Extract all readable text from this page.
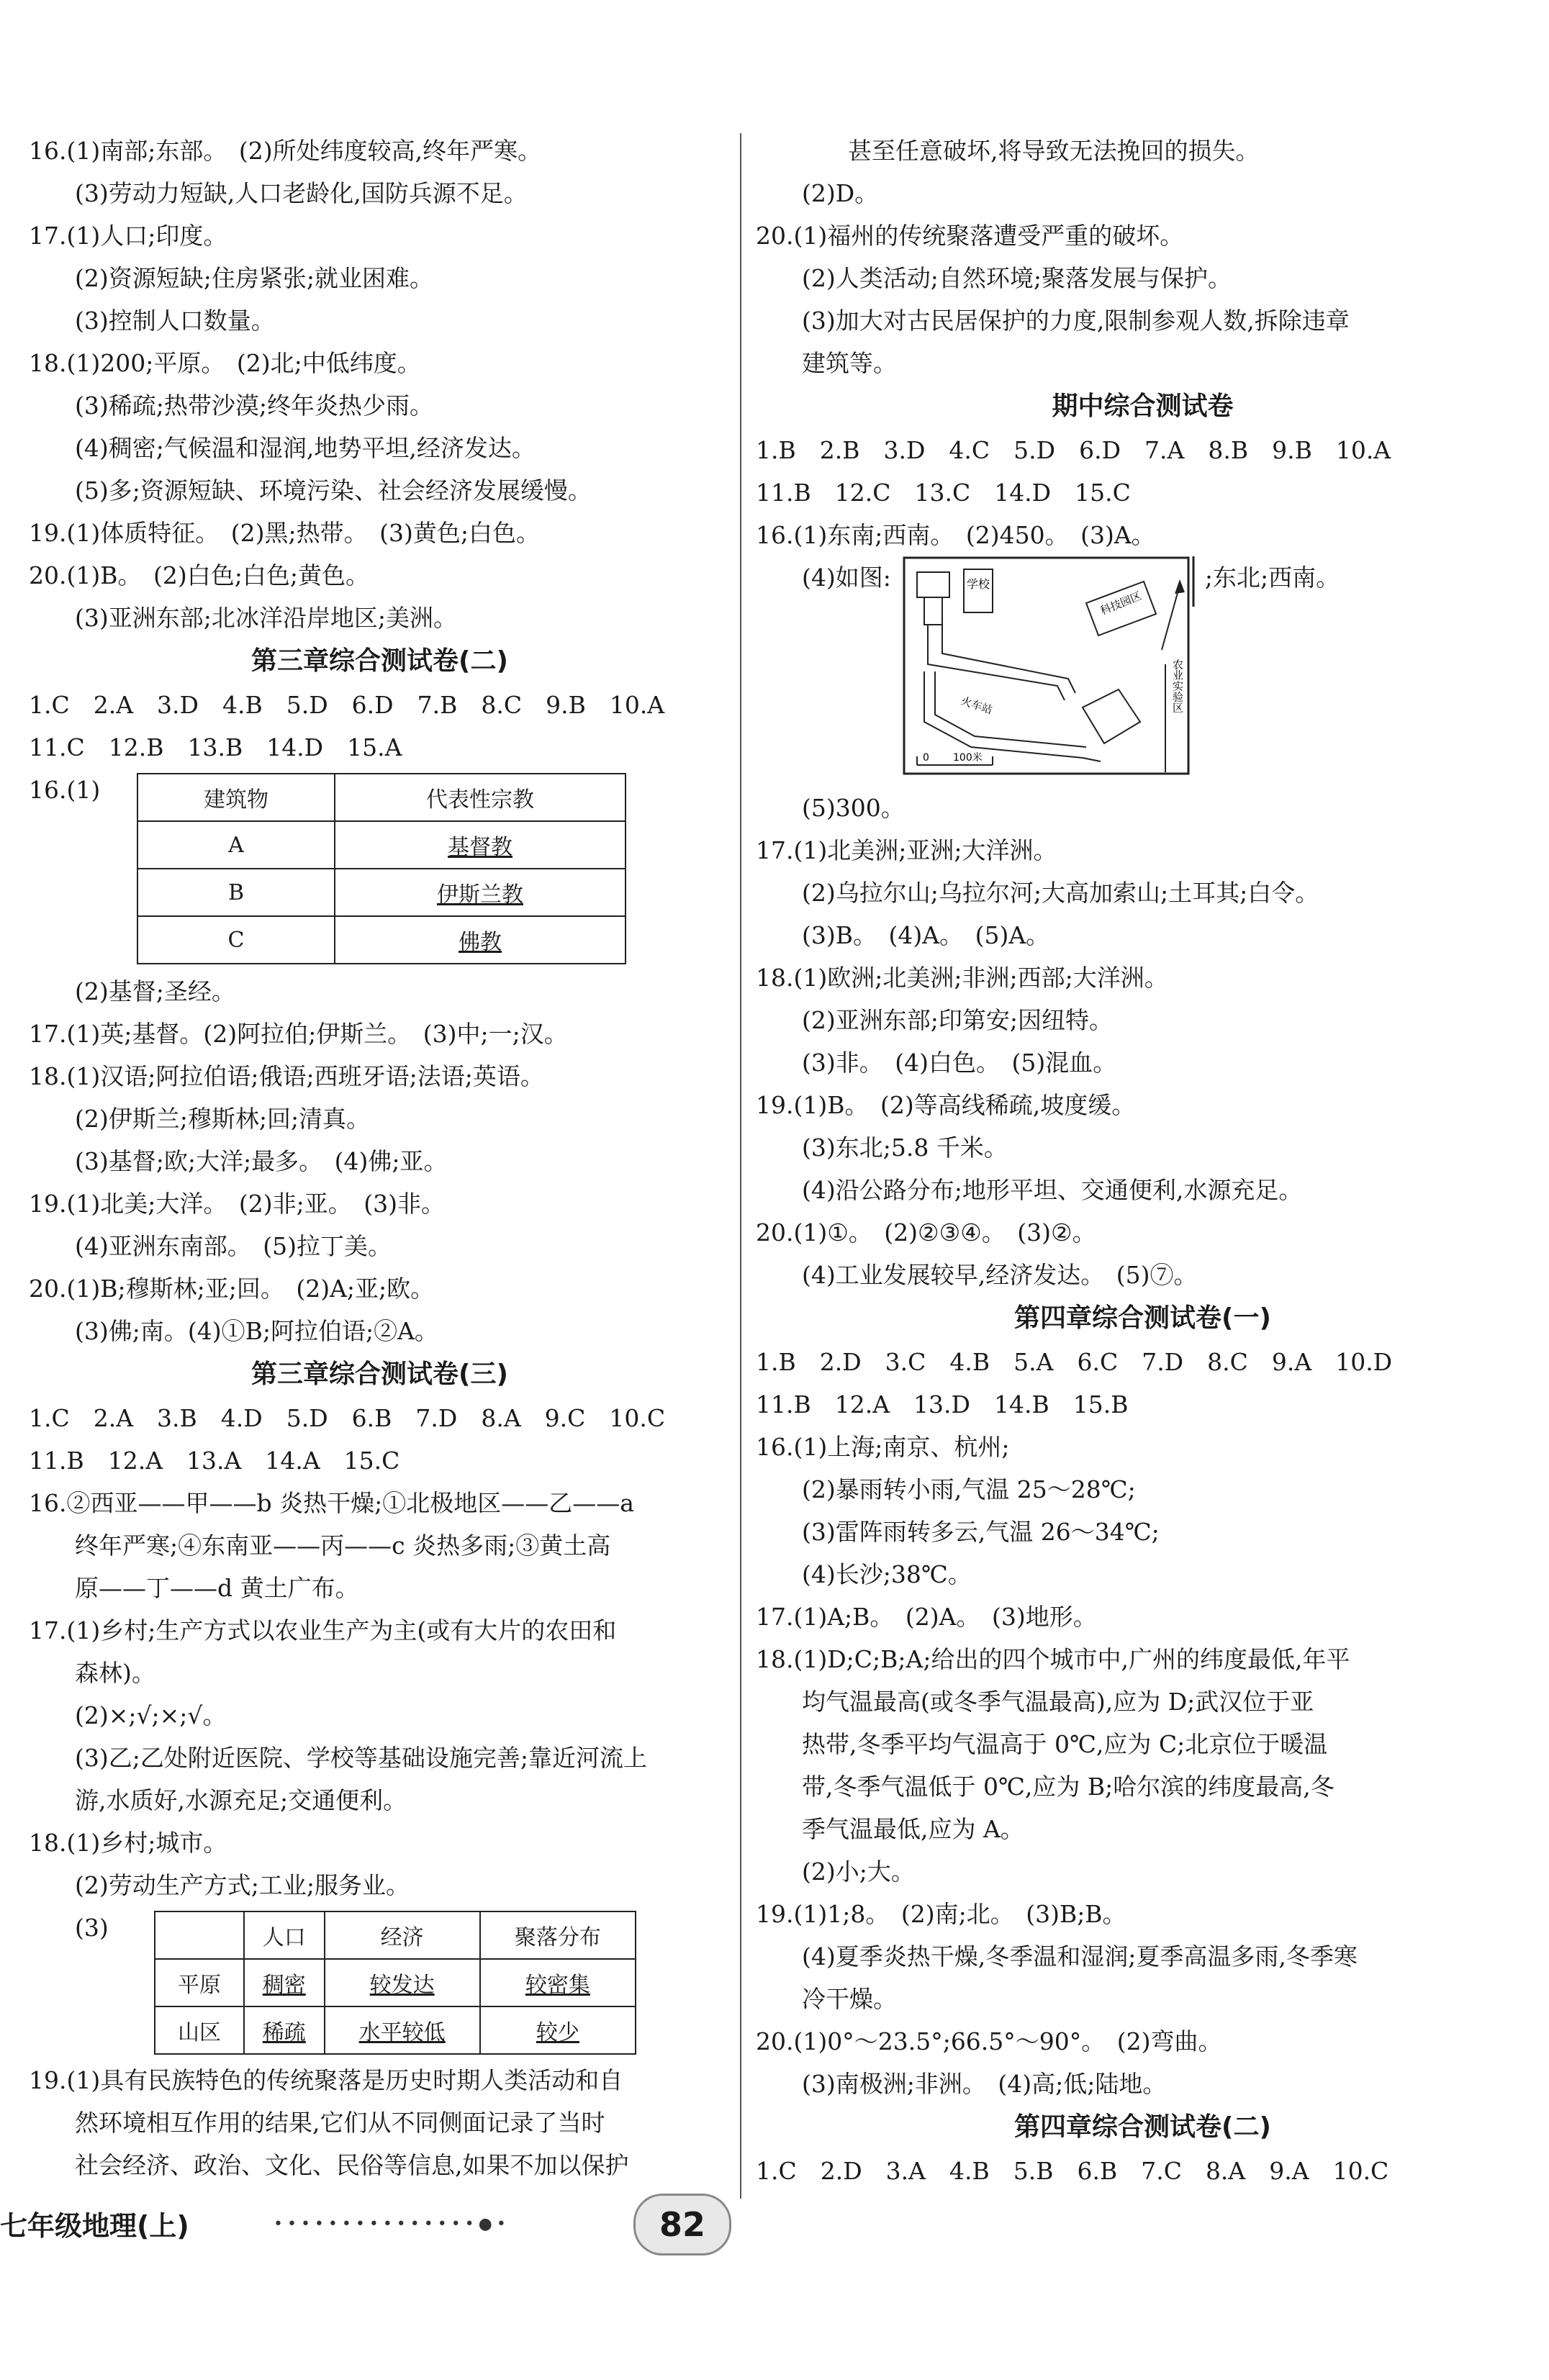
16.(1)南部;东部。　(2)所处纬度较高,终年严寒。
(3)劳动力短缺,人口老龄化,国防兵源不足。
17.(1)人口;印度。
(2)资源短缺;住房紧张;就业困难。
(3)控制人口数量。
18.(1)200;平原。　(2)北;中低纬度。
(3)稀疏;热带沙漠;终年炎热少雨。
(4)稠密;气候温和湿润,地势平坦,经济发达。
(5)多;资源短缺、环境污染、社会经济发展缓慢。
19.(1)体质特征。　(2)黑;热带。　(3)黄色;白色。
20.(1)B。　(2)白色;白色;黄色。
(3)亚洲东部;北冰洋沿岸地区;美洲。
第三章综合测试卷(二)
1.C　2.A　3.D　4.B　5.D　6.D　7.B　8.C　9.B　10.A
11.C　12.B　13.B　14.D　15.A
16.(1)	建筑物	代表性宗教
A	基督教
B	伊斯兰教
C	佛教
(2)基督;圣经。
17.(1)英;基督。(2)阿拉伯;伊斯兰。　(3)中;一;汉。
18.(1)汉语;阿拉伯语;俄语;西班牙语;法语;英语。
(2)伊斯兰;穆斯林;回;清真。
(3)基督;欧;大洋;最多。　(4)佛;亚。
19.(1)北美;大洋。　(2)非;亚。　(3)非。
(4)亚洲东南部。　(5)拉丁美。
20.(1)B;穆斯林;亚;回。　(2)A;亚;欧。
(3)佛;南。(4)①B;阿拉伯语;②A。
第三章综合测试卷(三)
1.C　2.A　3.B　4.D　5.D　6.B　7.D　8.A　9.C　10.C
11.B　12.A　13.A　14.A　15.C
16.②西亚——甲——b 炎热干燥;①北极地区——乙——a
终年严寒;④东南亚——丙——c 炎热多雨;③黄土高
原——丁——d 黄土广布。
17.(1)乡村;生产方式以农业生产为主(或有大片的农田和
森林)。
(2)×;√;×;√。
(3)乙;乙处附近医院、学校等基础设施完善;靠近河流上
游,水质好,水源充足;交通便利。
18.(1)乡村;城市。
(2)劳动生产方式;工业;服务业。
(3)
		人口	经济	聚落分布
平原	稠密	较发达	较密集
山区	稀疏	水平较低	较少
19.(1)具有民族特色的传统聚落是历史时期人类活动和自
然环境相互作用的结果,它们从不同侧面记录了当时
社会经济、政治、文化、民俗等信息,如果不加以保护
甚至任意破坏,将导致无法挽回的损失。
(2)D。
20.(1)福州的传统聚落遭受严重的破坏。
(2)人类活动;自然环境;聚落发展与保护。
(3)加大对古民居保护的力度,限制参观人数,拆除违章
建筑等。
期中综合测试卷
1.B　2.B　3.D　4.C　5.D　6.D　7.A　8.B　9.B　10.A
11.B　12.C　13.C　14.D　15.C
16.(1)东南;西南。　(2)450。　(3)A。
(4)如图:	学校
科技园区
火车站	农业实验区
0 100米
;东北;西南。
(5)300。
17.(1)北美洲;亚洲;大洋洲。
(2)乌拉尔山;乌拉尔河;大高加索山;土耳其;白令。
(3)B。　(4)A。　(5)A。
18.(1)欧洲;北美洲;非洲;西部;大洋洲。
(2)亚洲东部;印第安;因纽特。
(3)非。　(4)白色。　(5)混血。
19.(1)B。　(2)等高线稀疏,坡度缓。
(3)东北;5.8 千米。
(4)沿公路分布;地形平坦、交通便利,水源充足。
20.(1)①。　(2)②③④。　(3)②。
(4)工业发展较早,经济发达。　(5)⑦。
第四章综合测试卷(一)
1.B　2.D　3.C　4.B　5.A　6.C　7.D　8.C　9.A　10.D
11.B　12.A　13.D　14.B　15.B
16.(1)上海;南京、杭州;
(2)暴雨转小雨,气温 25～28℃;
(3)雷阵雨转多云,气温 26～34℃;
(4)长沙;38℃。
17.(1)A;B。　(2)A。　(3)地形。
18.(1)D;C;B;A;给出的四个城市中,广州的纬度最低,年平
均气温最高(或冬季气温最高),应为 D;武汉位于亚
热带,冬季平均气温高于 0℃,应为 C;北京位于暖温
带,冬季气温低于 0℃,应为 B;哈尔滨的纬度最高,冬
季气温最低,应为 A。
(2)小;大。
19.(1)1;8。　(2)南;北。　(3)B;B。
(4)夏季炎热干燥,冬季温和湿润;夏季高温多雨,冬季寒
冷干燥。
20.(1)0°～23.5°;66.5°～90°。　(2)弯曲。
(3)南极洲;非洲。　(4)高;低;陆地。
第四章综合测试卷(二)
1.C　2.D　3.A　4.B　5.B　6.B　7.C　8.A　9.A　10.C
七年级地理(上)	•••••••••••••••●•	82
